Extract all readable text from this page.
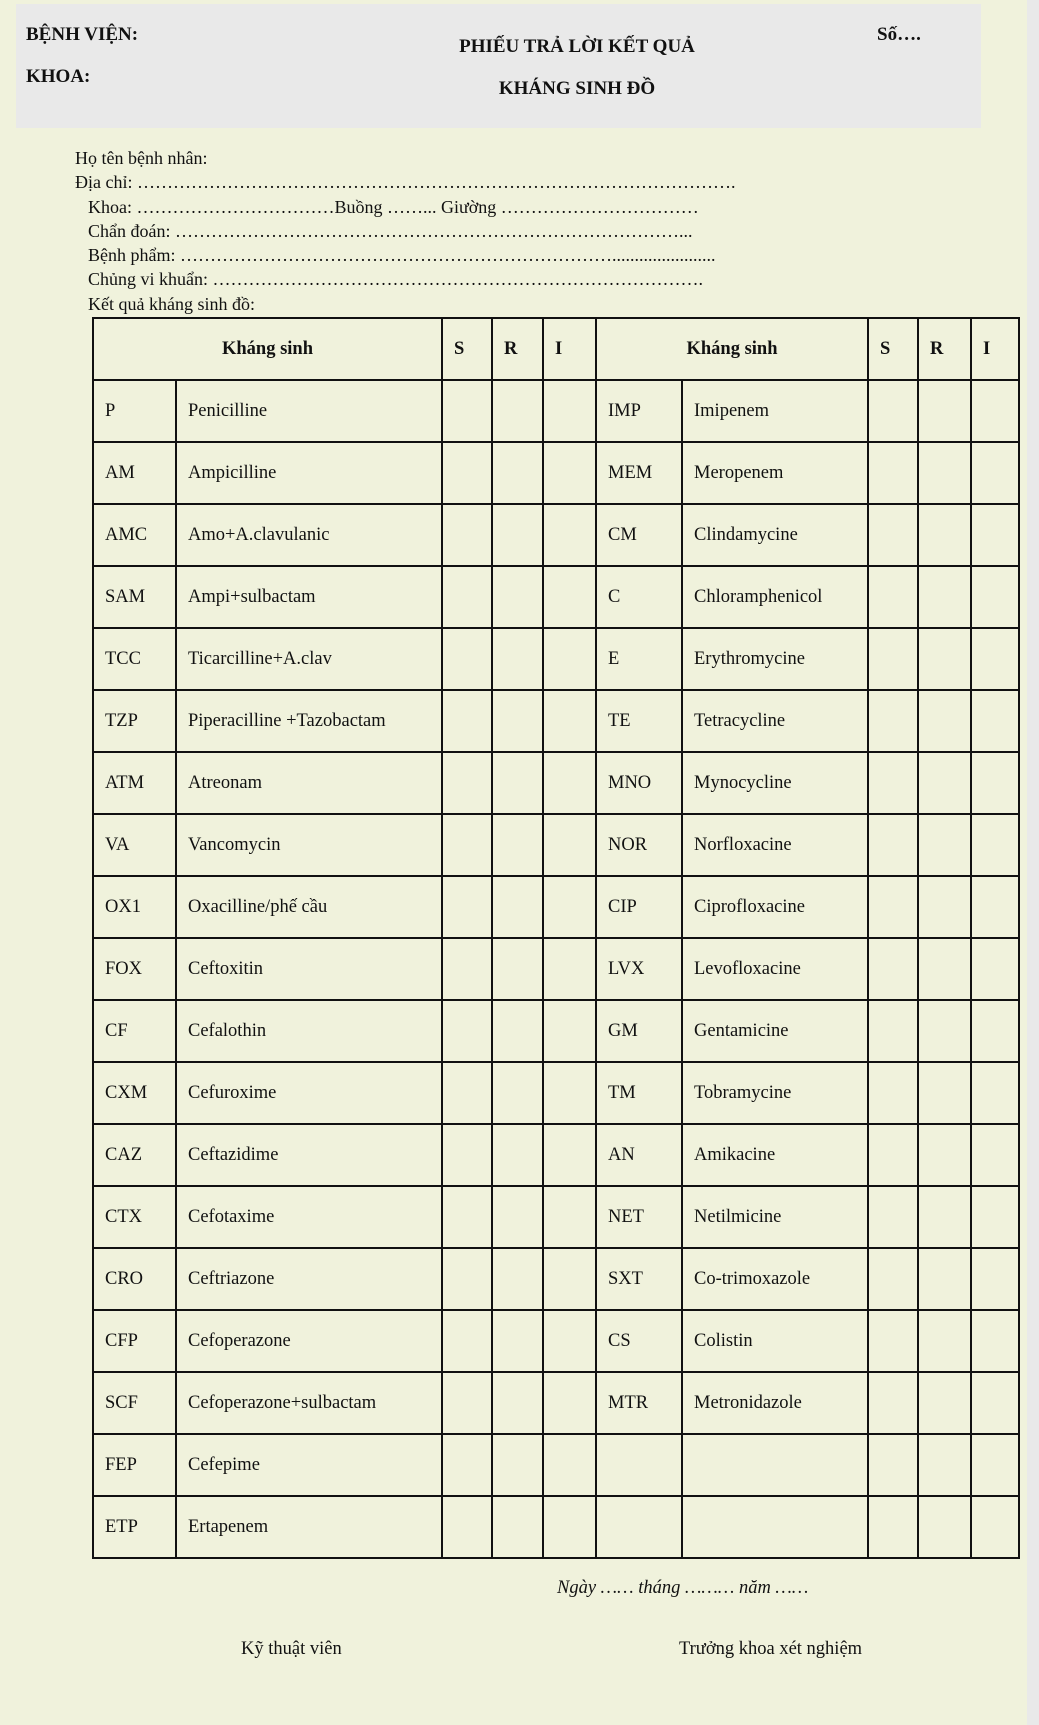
BỆNH VIỆN:
KHOA:
PHIẾU TRẢ LỜI KẾT QUẢ
KHÁNG SINH ĐỒ
Số….
Họ tên bệnh nhân:
Địa chỉ: ……………………………………………………………………………………….
Khoa: ……………………………Buồng ……... Giường ……………………………
Chẩn đoán: …………………………………………………………………………...
Bệnh phẩm: ……………………………………………………………….......................
Chủng vi khuẩn: ……………………………………………………………………….
Kết quả kháng sinh đồ:
Kháng sinh		S	R	I	Kháng sinh		S	R	I
P	Penicilline				IMP	Imipenem			
AM	Ampicilline				MEM	Meropenem			
AMC	Amo+A.clavulanic				CM	Clindamycine			
SAM	Ampi+sulbactam				C	Chloramphenicol			
TCC	Ticarcilline+A.clav				E	Erythromycine			
TZP	Piperacilline +Tazobactam				TE	Tetracycline			
ATM	Atreonam				MNO	Mynocycline			
VA	Vancomycin				NOR	Norfloxacine			
OX1	Oxacilline/phế cầu				CIP	Ciprofloxacine			
FOX	Ceftoxitin				LVX	Levofloxacine			
CF	Cefalothin				GM	Gentamicine			
CXM	Cefuroxime				TM	Tobramycine			
CAZ	Ceftazidime				AN	Amikacine			
CTX	Cefotaxime				NET	Netilmicine			
CRO	Ceftriazone				SXT	Co-trimoxazole			
CFP	Cefoperazone				CS	Colistin			
SCF	Cefoperazone+sulbactam				MTR	Metronidazole			
FEP	Cefepime								
ETP	Ertapenem								
Ngày …… tháng ……… năm ……
Kỹ thuật viên	Trưởng khoa xét nghiệm
